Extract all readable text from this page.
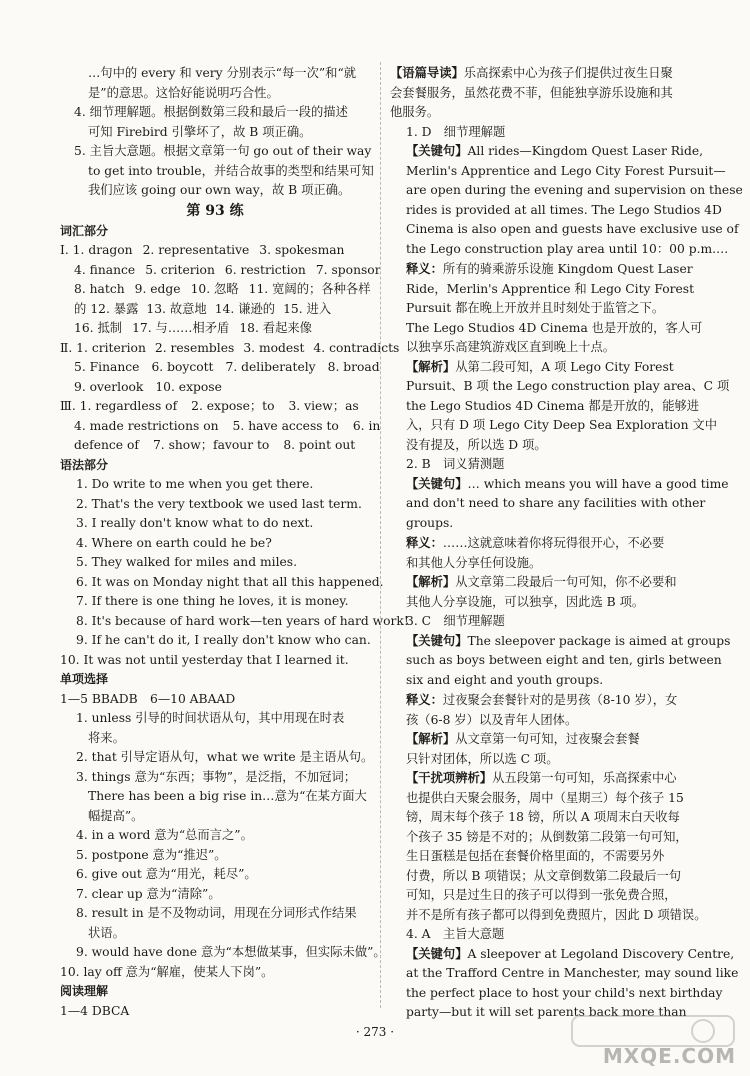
…句中的 every 和 very 分别表示“每一次”和“就
是”的意思。这恰好能说明巧合性。
4. 细节理解题。根据倒数第三段和最后一段的描述
可知 Firebird 引擎坏了，故 B 项正确。
5. 主旨大意题。根据文章第一句 go out of their way
to get into trouble，并结合故事的类型和结果可知
我们应该 going our own way，故 B 项正确。
第 93 练
词汇部分
Ⅰ. 1. dragon 2. representative 3. spokesman
4. finance 5. criterion 6. restriction 7. sponsor
8. hatch 9. edge 10. 忽略 11. 宽阔的；各种各样
的 12. 暴露 13. 故意地 14. 谦逊的 15. 进入
16. 抵制 17. 与……相矛盾 18. 看起来像
Ⅱ. 1. criterion 2. resembles 3. modest 4. contradicts
5. Finance 6. boycott 7. deliberately 8. broad
9. overlook 10. expose
Ⅲ. 1. regardless of 2. expose；to 3. view；as
4. made restrictions on 5. have access to 6. in
defence of 7. show；favour to 8. point out
语法部分
1. Do write to me when you get there.
2. That's the very textbook we used last term.
3. I really don't know what to do next.
4. Where on earth could he be?
5. They walked for miles and miles.
6. It was on Monday night that all this happened.
7. If there is one thing he loves, it is money.
8. It's because of hard work—ten years of hard work!
9. If he can't do it, I really don't know who can.
10. It was not until yesterday that I learned it.
单项选择
1—5 BBADB　6—10 ABAAD
1. unless 引导的时间状语从句，其中用现在时表
将来。
2. that 引导定语从句，what we write 是主语从句。
3. things 意为“东西；事物”，是泛指，不加冠词；
There has been a big rise in…意为“在某方面大
幅提高”。
4. in a word 意为“总而言之”。
5. postpone 意为“推迟”。
6. give out 意为“用光，耗尽”。
7. clear up 意为“清除”。
8. result in 是不及物动词，用现在分词形式作结果
状语。
9. would have done 意为“本想做某事，但实际未做”。
10. lay off 意为“解雇，使某人下岗”。
阅读理解
1—4 DBCA
【语篇导读】乐高探索中心为孩子们提供过夜生日聚
会套餐服务，虽然花费不菲，但能独享游乐设施和其
他服务。
1. D　细节理解题
【关键句】All rides—Kingdom Quest Laser Ride,
Merlin's Apprentice and Lego City Forest Pursuit—
are open during the evening and supervision on these
rides is provided at all times. The Lego Studios 4D
Cinema is also open and guests have exclusive use of
the Lego construction play area until 10：00 p.m.…
释义：所有的骑乘游乐设施 Kingdom Quest Laser
Ride，Merlin's Apprentice 和 Lego City Forest
Pursuit 都在晚上开放并且时刻处于监管之下。
The Lego Studios 4D Cinema 也是开放的，客人可
以独享乐高建筑游戏区直到晚上十点。
【解析】从第二段可知，A 项 Lego City Forest
Pursuit、B 项 the Lego construction play area、C 项
the Lego Studios 4D Cinema 都是开放的，能够进
入，只有 D 项 Lego City Deep Sea Exploration 文中
没有提及，所以选 D 项。
2. B　词义猜测题
【关键句】… which means you will have a good time
and don't need to share any facilities with other
groups.
释义：……这就意味着你将玩得很开心，不必要
和其他人分享任何设施。
【解析】从文章第二段最后一句可知，你不必要和
其他人分享设施，可以独享，因此选 B 项。
3. C　细节理解题
【关键句】The sleepover package is aimed at groups
such as boys between eight and ten, girls between
six and eight and youth groups.
释义：过夜聚会套餐针对的是男孩（8-10 岁），女
孩（6-8 岁）以及青年人团体。
【解析】从文章第一句可知，过夜聚会套餐
只针对团体，所以选 C 项。
【干扰项辨析】从五段第一句可知，乐高探索中心
也提供白天聚会服务，周中（星期三）每个孩子 15
镑，周末每个孩子 18 镑，所以 A 项周末白天收每
个孩子 35 镑是不对的；从倒数第二段第一句可知，
生日蛋糕是包括在套餐价格里面的，不需要另外
付费，所以 B 项错误；从文章倒数第二段最后一句
可知，只是过生日的孩子可以得到一张免费合照，
并不是所有孩子都可以得到免费照片，因此 D 项错误。
4. A　主旨大意题
【关键句】A sleepover at Legoland Discovery Centre,
at the Trafford Centre in Manchester, may sound like
the perfect place to host your child's next birthday
party—but it will set parents back more than
· 273 ·
MXQE.COM
